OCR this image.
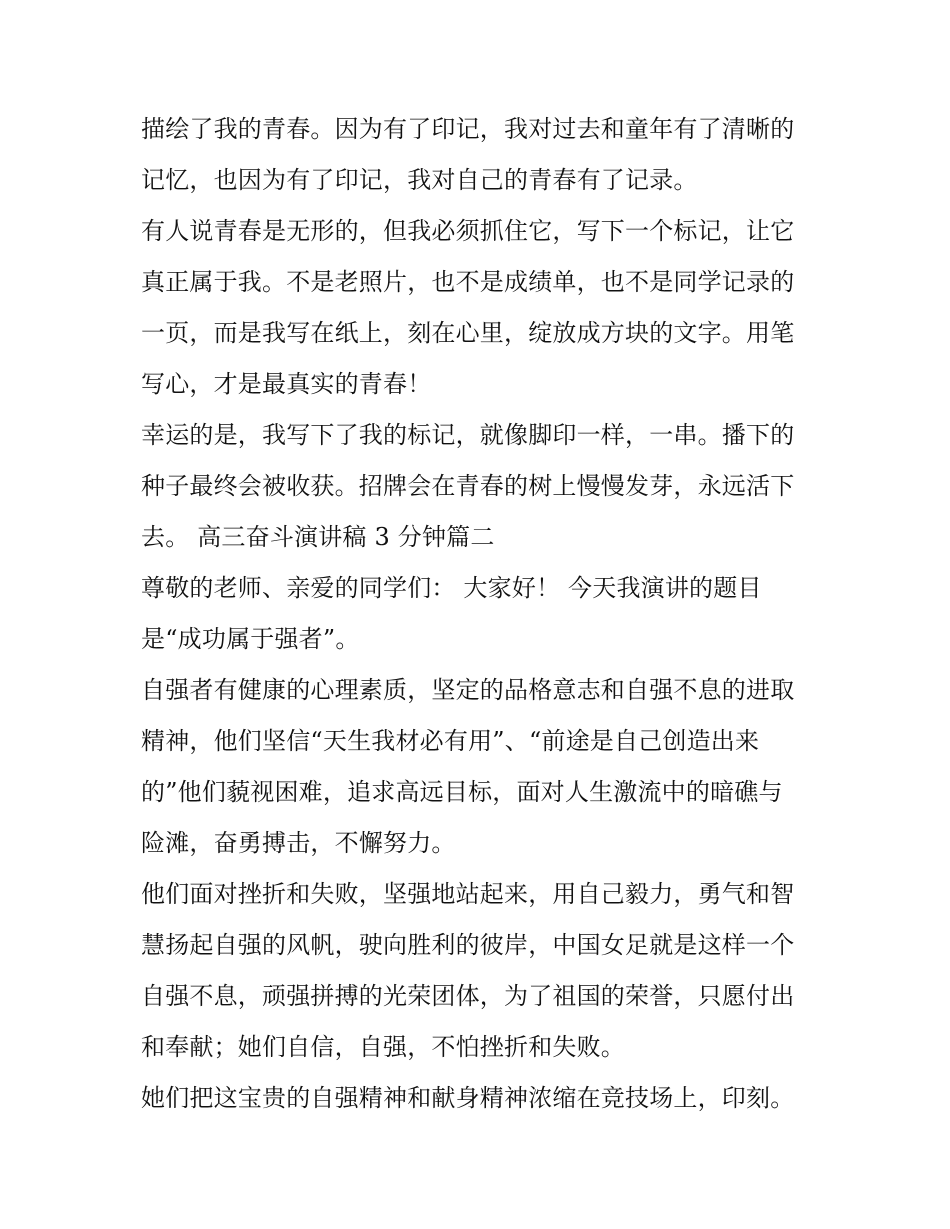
描绘了我的青春。因为有了印记，我对过去和童年有了清晰的
记忆，也因为有了印记，我对自己的青春有了记录。
有人说青春是无形的，但我必须抓住它，写下一个标记，让它
真正属于我。不是老照片，也不是成绩单，也不是同学记录的
一页，而是我写在纸上，刻在心里，绽放成方块的文字。用笔
写心，才是最真实的青春！
幸运的是，我写下了我的标记，就像脚印一样，一串。播下的
种子最终会被收获。招牌会在青春的树上慢慢发芽，永远活下
去。 高三奋斗演讲稿 3 分钟篇二
尊敬的老师、亲爱的同学们： 大家好！ 今天我演讲的题目
是“成功属于强者”。
自强者有健康的心理素质，坚定的品格意志和自强不息的进取
精神，他们坚信“天生我材必有用”、“前途是自己创造出来
的”他们藐视困难，追求高远目标，面对人生激流中的暗礁与
险滩，奋勇搏击，不懈努力。
他们面对挫折和失败，坚强地站起来，用自己毅力，勇气和智
慧扬起自强的风帆，驶向胜利的彼岸，中国女足就是这样一个
自强不息，顽强拼搏的光荣团体，为了祖国的荣誉，只愿付出
和奉献；她们自信，自强，不怕挫折和失败。
她们把这宝贵的自强精神和献身精神浓缩在竞技场上，印刻。
